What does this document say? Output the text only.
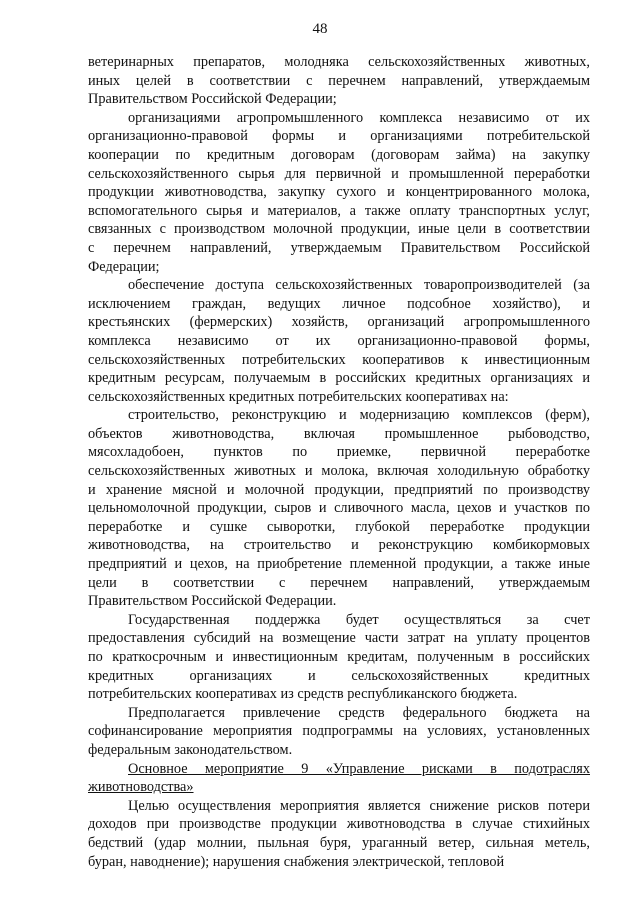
48
ветеринарных препаратов, молодняка сельскохозяйственных животных,
иных целей в соответствии с перечнем направлений, утверждаемым
Правительством Российской Федерации;
организациями агропромышленного комплекса независимо от их
организационно-правовой формы и организациями потребительской
кооперации по кредитным договорам (договорам займа) на закупку
сельскохозяйственного сырья для первичной и промышленной переработки
продукции животноводства, закупку сухого и концентрированного молока,
вспомогательного сырья и материалов, а также оплату транспортных услуг,
связанных с производством молочной продукции, иные цели в соответствии
с перечнем направлений, утверждаемым Правительством Российской
Федерации;
обеспечение доступа сельскохозяйственных товаропроизводителей (за
исключением граждан, ведущих личное подсобное хозяйство), и
крестьянских (фермерских) хозяйств, организаций агропромышленного
комплекса независимо от их организационно-правовой формы,
сельскохозяйственных потребительских кооперативов к инвестиционным
кредитным ресурсам, получаемым в российских кредитных организациях и
сельскохозяйственных кредитных потребительских кооперативах на:
строительство, реконструкцию и модернизацию комплексов (ферм),
объектов животноводства, включая промышленное рыбоводство,
мясохладобоен, пунктов по приемке, первичной переработке
сельскохозяйственных животных и молока, включая холодильную обработку
и хранение мясной и молочной продукции, предприятий по производству
цельномолочной продукции, сыров и сливочного масла, цехов и участков по
переработке и сушке сыворотки, глубокой переработке продукции
животноводства, на строительство и реконструкцию комбикормовых
предприятий и цехов, на приобретение племенной продукции, а также иные
цели в соответствии с перечнем направлений, утверждаемым
Правительством Российской Федерации.
Государственная поддержка будет осуществляться за счет
предоставления субсидий на возмещение части затрат на уплату процентов
по краткосрочным и инвестиционным кредитам, полученным в российских
кредитных организациях и сельскохозяйственных кредитных
потребительских кооперативах из средств республиканского бюджета.
Предполагается привлечение средств федерального бюджета на
софинансирование мероприятия подпрограммы на условиях, установленных
федеральным законодательством.
Основное мероприятие 9 «Управление рисками в подотраслях
животноводства»
Целью осуществления мероприятия является снижение рисков потери
доходов при производстве продукции животноводства в случае стихийных
бедствий (удар молнии, пыльная буря, ураганный ветер, сильная метель,
буран, наводнение); нарушения снабжения электрической, тепловой
